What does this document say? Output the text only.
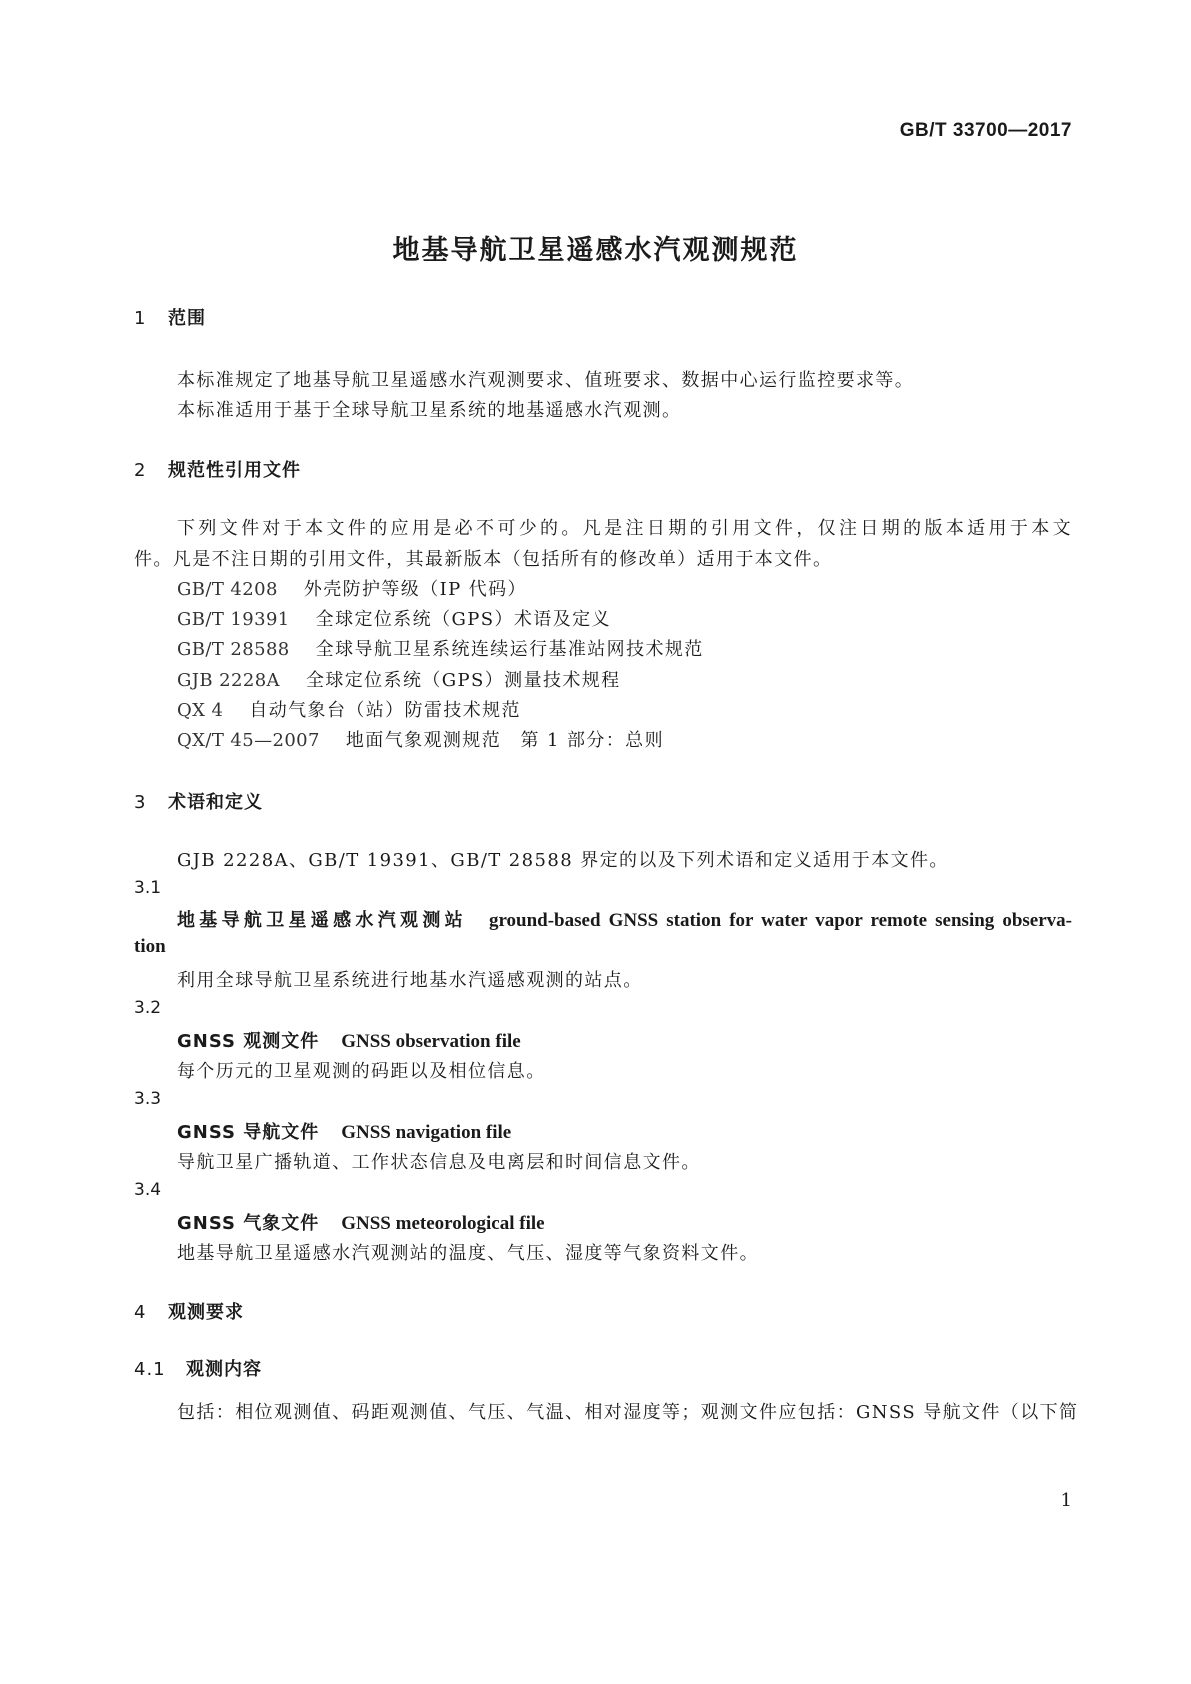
GB/T 33700—2017
地基导航卫星遥感水汽观测规范
1 范围
本标准规定了地基导航卫星遥感水汽观测要求、值班要求、数据中心运行监控要求等。
本标准适用于基于全球导航卫星系统的地基遥感水汽观测。
2 规范性引用文件
下列文件对于本文件的应用是必不可少的。凡是注日期的引用文件，仅注日期的版本适用于本文
件。凡是不注日期的引用文件，其最新版本（包括所有的修改单）适用于本文件。
GB/T 4208 外壳防护等级（IP 代码）
GB/T 19391 全球定位系统（GPS）术语及定义
GB/T 28588 全球导航卫星系统连续运行基准站网技术规范
GJB 2228A 全球定位系统（GPS）测量技术规程
QX 4 自动气象台（站）防雷技术规范
QX/T 45—2007 地面气象观测规范　第 1 部分：总则
3 术语和定义
GJB 2228A、GB/T 19391、GB/T 28588 界定的以及下列术语和定义适用于本文件。
3.1
地基导航卫星遥感水汽观测站 ground-based GNSS station for water vapor remote sensing observa-
tion
利用全球导航卫星系统进行地基水汽遥感观测的站点。
3.2
GNSS 观测文件 GNSS observation file
每个历元的卫星观测的码距以及相位信息。
3.3
GNSS 导航文件 GNSS navigation file
导航卫星广播轨道、工作状态信息及电离层和时间信息文件。
3.4
GNSS 气象文件 GNSS meteorological file
地基导航卫星遥感水汽观测站的温度、气压、湿度等气象资料文件。
4 观测要求
4.1 观测内容
包括：相位观测值、码距观测值、气压、气温、相对湿度等；观测文件应包括：GNSS 导航文件（以下简
1
